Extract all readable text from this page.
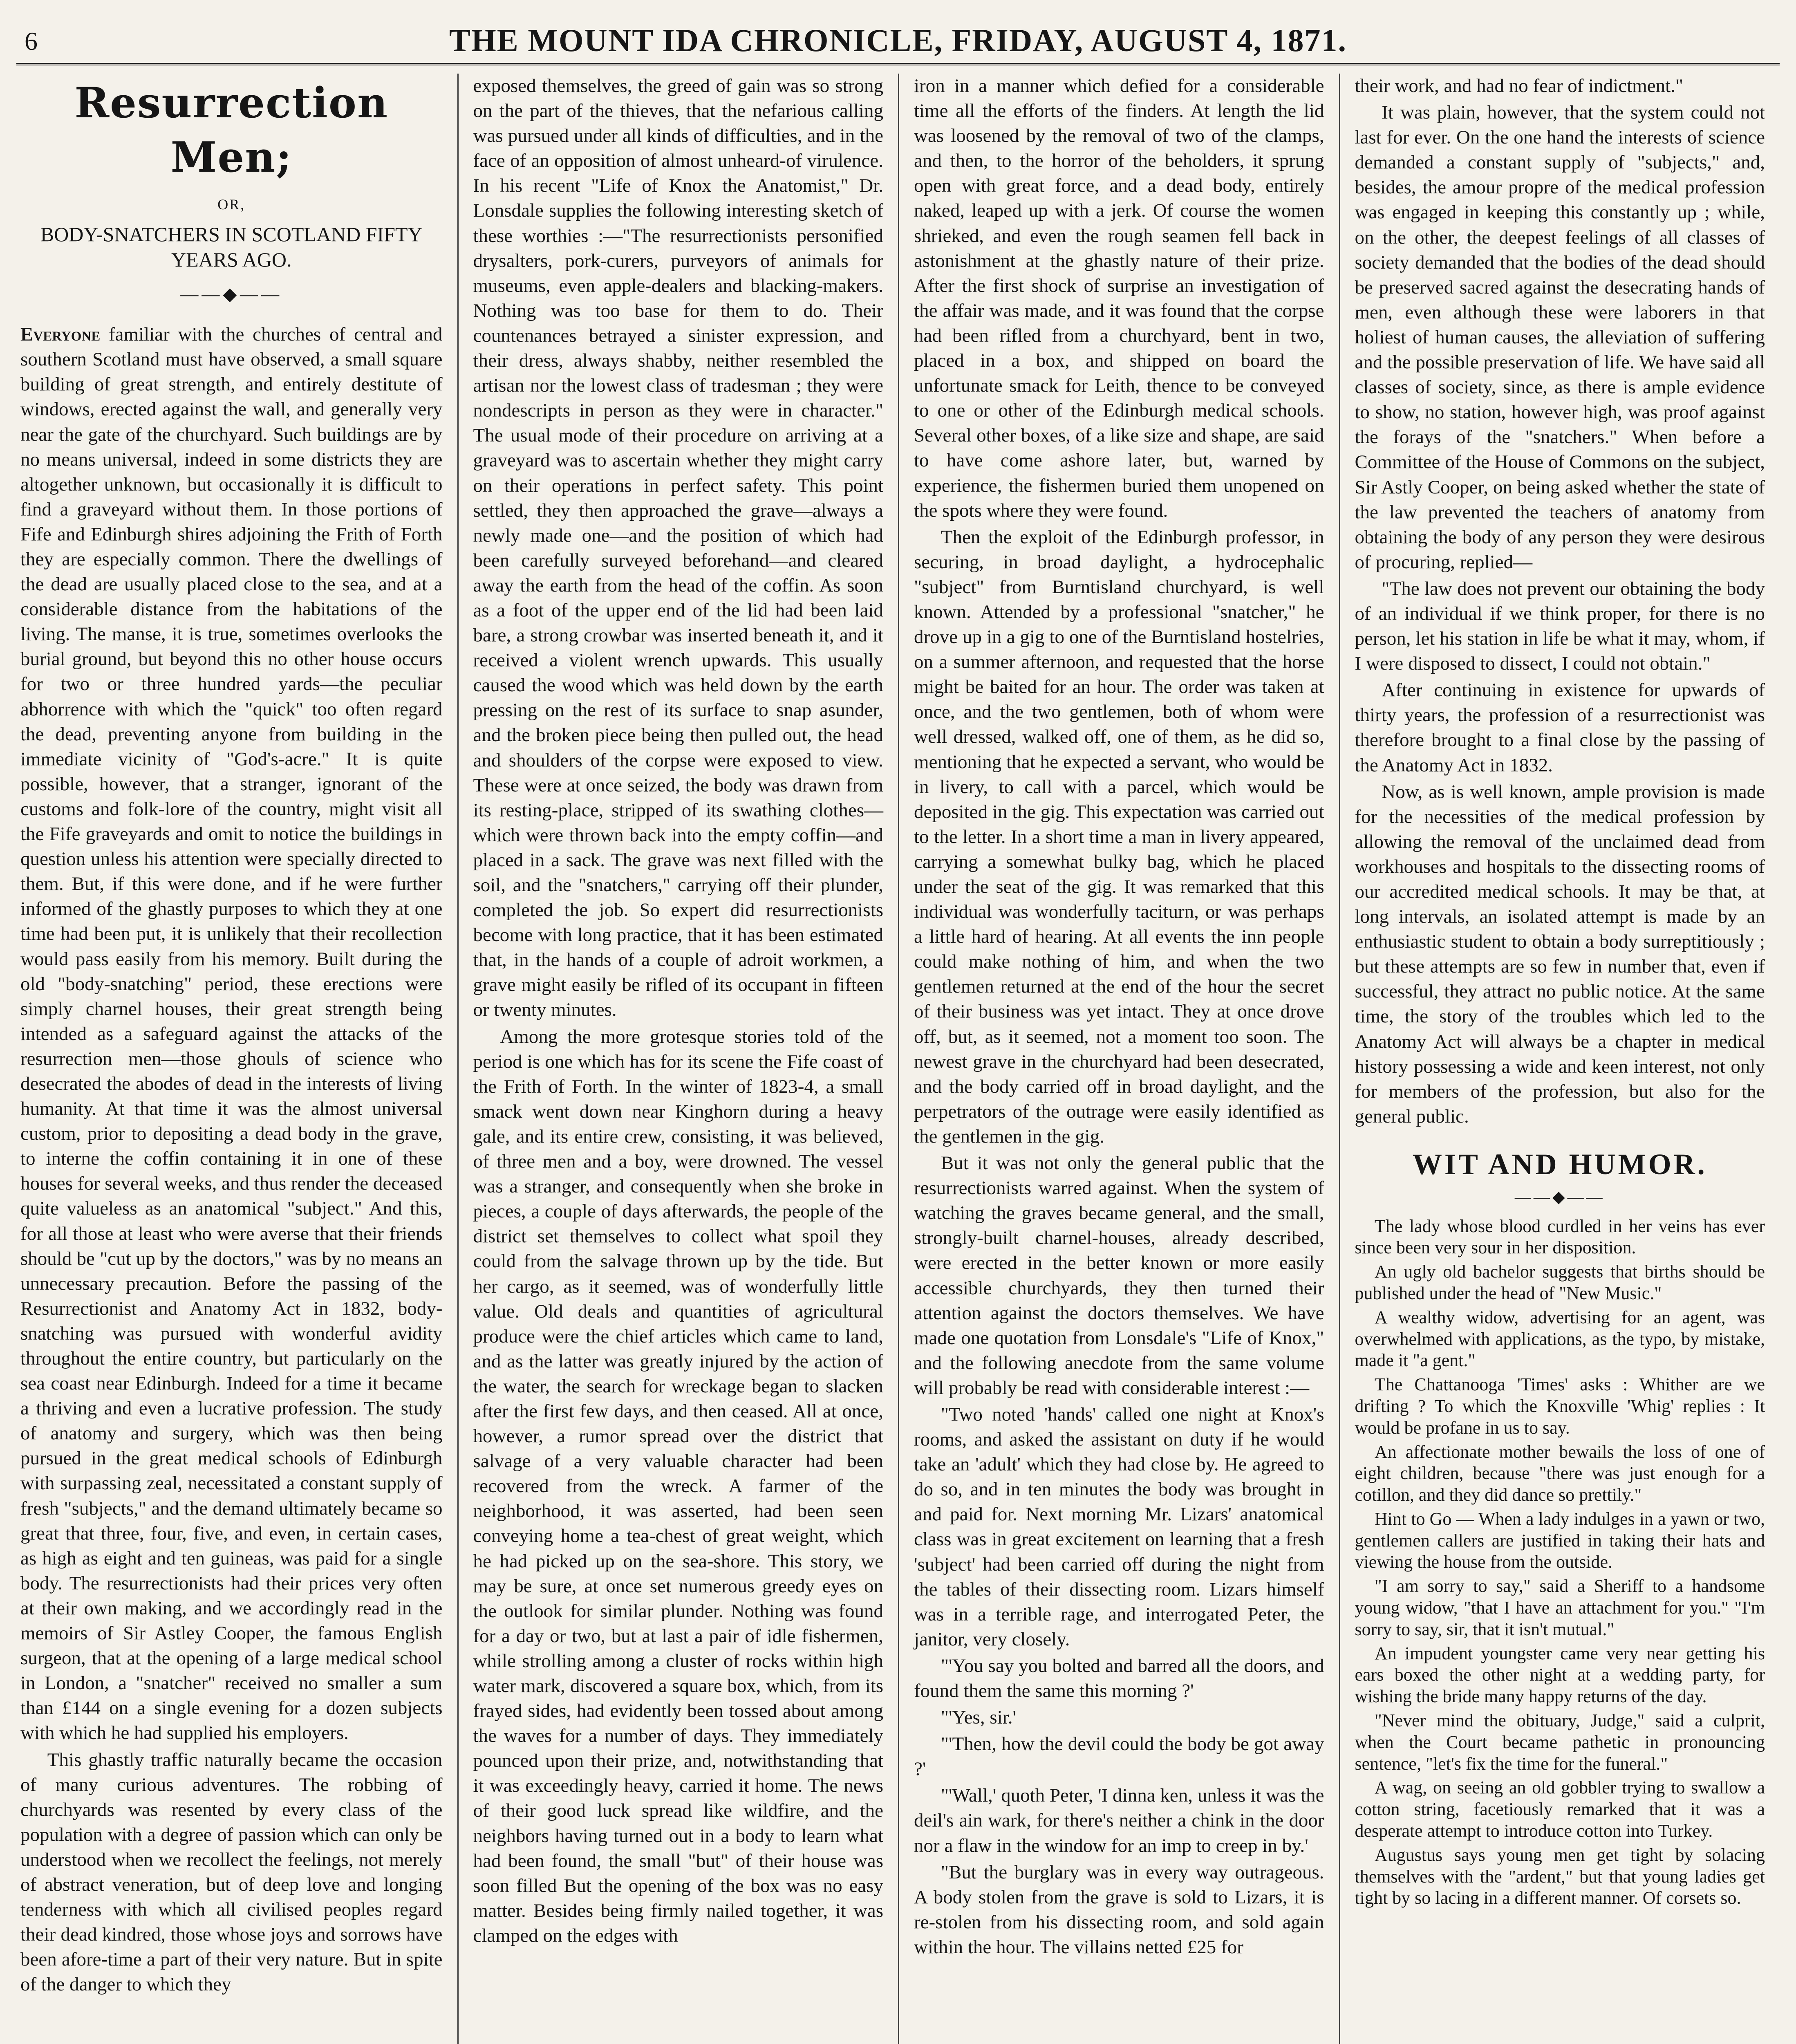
6	THE MOUNT IDA CHRONICLE, FRIDAY, AUGUST 4, 1871.
Resurrection Men;
OR,
BODY-SNATCHERS IN SCOTLAND FIFTY YEARS AGO.
——◆——

Everyone familiar with the churches of central and southern Scotland must have observed, a small square building of great strength, and entirely destitute of windows, erected against the wall, and generally very near the gate of the churchyard. Such buildings are by no means universal, indeed in some districts they are altogether unknown, but occasionally it is difficult to find a graveyard without them. In those portions of Fife and Edinburgh shires adjoining the Frith of Forth they are especially common. There the dwellings of the dead are usually placed close to the sea, and at a considerable distance from the habitations of the living. The manse, it is true, sometimes overlooks the burial ground, but beyond this no other house occurs for two or three hundred yards—the peculiar abhorrence with which the "quick" too often regard the dead, preventing anyone from building in the immediate vicinity of "God's-acre." It is quite possible, however, that a stranger, ignorant of the customs and folk-lore of the country, might visit all the Fife graveyards and omit to notice the buildings in question unless his attention were specially directed to them. But, if this were done, and if he were further informed of the ghastly purposes to which they at one time had been put, it is unlikely that their recollection would pass easily from his memory. Built during the old "body-snatching" period, these erections were simply charnel houses, their great strength being intended as a safeguard against the attacks of the resurrection men—those ghouls of science who desecrated the abodes of dead in the interests of living humanity. At that time it was the almost universal custom, prior to depositing a dead body in the grave, to interne the coffin containing it in one of these houses for several weeks, and thus render the deceased quite valueless as an anatomical "subject." And this, for all those at least who were averse that their friends should be "cut up by the doctors," was by no means an unnecessary precaution. Before the passing of the Resurrectionist and Anatomy Act in 1832, body-snatching was pursued with wonderful avidity throughout the entire country, but particularly on the sea coast near Edinburgh. Indeed for a time it became a thriving and even a lucrative profession. The study of anatomy and surgery, which was then being pursued in the great medical schools of Edinburgh with surpassing zeal, necessitated a constant supply of fresh "subjects," and the demand ultimately became so great that three, four, five, and even, in certain cases, as high as eight and ten guineas, was paid for a single body. The resurrectionists had their prices very often at their own making, and we accordingly read in the memoirs of Sir Astley Cooper, the famous English surgeon, that at the opening of a large medical school in London, a "snatcher" received no smaller a sum than £144 on a single evening for a dozen subjects with which he had supplied his employers.

This ghastly traffic naturally became the occasion of many curious adventures. The robbing of churchyards was resented by every class of the population with a degree of passion which can only be understood when we recollect the feelings, not merely of abstract veneration, but of deep love and longing tenderness with which all civilised peoples regard their dead kindred, those whose joys and sorrows have been afore-time a part of their very nature. But in spite of the danger to which they

exposed themselves, the greed of gain was so strong on the part of the thieves, that the nefarious calling was pursued under all kinds of difficulties, and in the face of an opposition of almost unheard-of virulence. In his recent "Life of Knox the Anatomist," Dr. Lonsdale supplies the following interesting sketch of these worthies :—"The resurrectionists personified drysalters, pork-curers, purveyors of animals for museums, even apple-dealers and blacking-makers. Nothing was too base for them to do. Their countenances betrayed a sinister expression, and their dress, always shabby, neither resembled the artisan nor the lowest class of tradesman ; they were nondescripts in person as they were in character." The usual mode of their procedure on arriving at a graveyard was to ascertain whether they might carry on their operations in perfect safety. This point settled, they then approached the grave—always a newly made one—and the position of which had been carefully surveyed beforehand—and cleared away the earth from the head of the coffin. As soon as a foot of the upper end of the lid had been laid bare, a strong crowbar was inserted beneath it, and it received a violent wrench upwards. This usually caused the wood which was held down by the earth pressing on the rest of its surface to snap asunder, and the broken piece being then pulled out, the head and shoulders of the corpse were exposed to view. These were at once seized, the body was drawn from its resting-place, stripped of its swathing clothes—which were thrown back into the empty coffin—and placed in a sack. The grave was next filled with the soil, and the "snatchers," carrying off their plunder, completed the job. So expert did resurrectionists become with long practice, that it has been estimated that, in the hands of a couple of adroit workmen, a grave might easily be rifled of its occupant in fifteen or twenty minutes.

Among the more grotesque stories told of the period is one which has for its scene the Fife coast of the Frith of Forth. In the winter of 1823-4, a small smack went down near Kinghorn during a heavy gale, and its entire crew, consisting, it was believed, of three men and a boy, were drowned. The vessel was a stranger, and consequently when she broke in pieces, a couple of days afterwards, the people of the district set themselves to collect what spoil they could from the salvage thrown up by the tide. But her cargo, as it seemed, was of wonderfully little value. Old deals and quantities of agricultural produce were the chief articles which came to land, and as the latter was greatly injured by the action of the water, the search for wreckage began to slacken after the first few days, and then ceased. All at once, however, a rumor spread over the district that salvage of a very valuable character had been recovered from the wreck. A farmer of the neighborhood, it was asserted, had been seen conveying home a tea-chest of great weight, which he had picked up on the sea-shore. This story, we may be sure, at once set numerous greedy eyes on the outlook for similar plunder. Nothing was found for a day or two, but at last a pair of idle fishermen, while strolling among a cluster of rocks within high water mark, discovered a square box, which, from its frayed sides, had evidently been tossed about among the waves for a number of days. They immediately pounced upon their prize, and, notwithstanding that it was exceedingly heavy, carried it home. The news of their good luck spread like wildfire, and the neighbors having turned out in a body to learn what had been found, the small "but" of their house was soon filled But the opening of the box was no easy matter. Besides being firmly nailed together, it was clamped on the edges with

iron in a manner which defied for a considerable time all the efforts of the finders. At length the lid was loosened by the removal of two of the clamps, and then, to the horror of the beholders, it sprung open with great force, and a dead body, entirely naked, leaped up with a jerk. Of course the women shrieked, and even the rough seamen fell back in astonishment at the ghastly nature of their prize. After the first shock of surprise an investigation of the affair was made, and it was found that the corpse had been rifled from a churchyard, bent in two, placed in a box, and shipped on board the unfortunate smack for Leith, thence to be conveyed to one or other of the Edinburgh medical schools. Several other boxes, of a like size and shape, are said to have come ashore later, but, warned by experience, the fishermen buried them unopened on the spots where they were found.

Then the exploit of the Edinburgh professor, in securing, in broad daylight, a hydrocephalic "subject" from Burntisland churchyard, is well known. Attended by a professional "snatcher," he drove up in a gig to one of the Burntisland hostelries, on a summer afternoon, and requested that the horse might be baited for an hour. The order was taken at once, and the two gentlemen, both of whom were well dressed, walked off, one of them, as he did so, mentioning that he expected a servant, who would be in livery, to call with a parcel, which would be deposited in the gig. This expectation was carried out to the letter. In a short time a man in livery appeared, carrying a somewhat bulky bag, which he placed under the seat of the gig. It was remarked that this individual was wonderfully taciturn, or was perhaps a little hard of hearing. At all events the inn people could make nothing of him, and when the two gentlemen returned at the end of the hour the secret of their business was yet intact. They at once drove off, but, as it seemed, not a moment too soon. The newest grave in the churchyard had been desecrated, and the body carried off in broad daylight, and the perpetrators of the outrage were easily identified as the gentlemen in the gig.

But it was not only the general public that the resurrectionists warred against. When the system of watching the graves became general, and the small, strongly-built charnel-houses, already described, were erected in the better known or more easily accessible churchyards, they then turned their attention against the doctors themselves. We have made one quotation from Lonsdale's "Life of Knox," and the following anecdote from the same volume will probably be read with considerable interest :—

"Two noted 'hands' called one night at Knox's rooms, and asked the assistant on duty if he would take an 'adult' which they had close by. He agreed to do so, and in ten minutes the body was brought in and paid for. Next morning Mr. Lizars' anatomical class was in great excitement on learning that a fresh 'subject' had been carried off during the night from the tables of their dissecting room. Lizars himself was in a terrible rage, and interrogated Peter, the janitor, very closely.

"'You say you bolted and barred all the doors, and found them the same this morning ?'

"'Yes, sir.'

"'Then, how the devil could the body be got away ?'

"'Wall,' quoth Peter, 'I dinna ken, unless it was the deil's ain wark, for there's neither a chink in the door nor a flaw in the window for an imp to creep in by.'

"But the burglary was in every way outrageous. A body stolen from the grave is sold to Lizars, it is re-stolen from his dissecting room, and sold again within the hour. The villains netted £25 for

their work, and had no fear of indictment."

It was plain, however, that the system could not last for ever. On the one hand the interests of science demanded a constant supply of "subjects," and, besides, the amour propre of the medical profession was engaged in keeping this constantly up ; while, on the other, the deepest feelings of all classes of society demanded that the bodies of the dead should be preserved sacred against the desecrating hands of men, even although these were laborers in that holiest of human causes, the alleviation of suffering and the possible preservation of life. We have said all classes of society, since, as there is ample evidence to show, no station, however high, was proof against the forays of the "snatchers." When before a Committee of the House of Commons on the subject, Sir Astly Cooper, on being asked whether the state of the law prevented the teachers of anatomy from obtaining the body of any person they were desirous of procuring, replied—

"The law does not prevent our obtaining the body of an individual if we think proper, for there is no person, let his station in life be what it may, whom, if I were disposed to dissect, I could not obtain."

After continuing in existence for upwards of thirty years, the profession of a resurrectionist was therefore brought to a final close by the passing of the Anatomy Act in 1832.

Now, as is well known, ample provision is made for the necessities of the medical profession by allowing the removal of the unclaimed dead from workhouses and hospitals to the dissecting rooms of our accredited medical schools. It may be that, at long intervals, an isolated attempt is made by an enthusiastic student to obtain a body surreptitiously ; but these attempts are so few in number that, even if successful, they attract no public notice. At the same time, the story of the troubles which led to the Anatomy Act will always be a chapter in medical history possessing a wide and keen interest, not only for members of the profession, but also for the general public.

WIT AND HUMOR.
——◆——

The lady whose blood curdled in her veins has ever since been very sour in her disposition.

An ugly old bachelor suggests that births should be published under the head of "New Music."

A wealthy widow, advertising for an agent, was overwhelmed with applications, as the typo, by mistake, made it "a gent."

The Chattanooga 'Times' asks : Whither are we drifting ? To which the Knoxville 'Whig' replies : It would be profane in us to say.

An affectionate mother bewails the loss of one of eight children, because "there was just enough for a cotillon, and they did dance so prettily."

Hint to Go — When a lady indulges in a yawn or two, gentlemen callers are justified in taking their hats and viewing the house from the outside.

"I am sorry to say," said a Sheriff to a handsome young widow, "that I have an attachment for you." "I'm sorry to say, sir, that it isn't mutual."

An impudent youngster came very near getting his ears boxed the other night at a wedding party, for wishing the bride many happy returns of the day.

"Never mind the obituary, Judge," said a culprit, when the Court became pathetic in pronouncing sentence, "let's fix the time for the funeral."

A wag, on seeing an old gobbler trying to swallow a cotton string, facetiously remarked that it was a desperate attempt to introduce cotton into Turkey.

Augustus says young men get tight by solacing themselves with the "ardent," but that young ladies get tight by so lacing in a different manner. Of corsets so.
